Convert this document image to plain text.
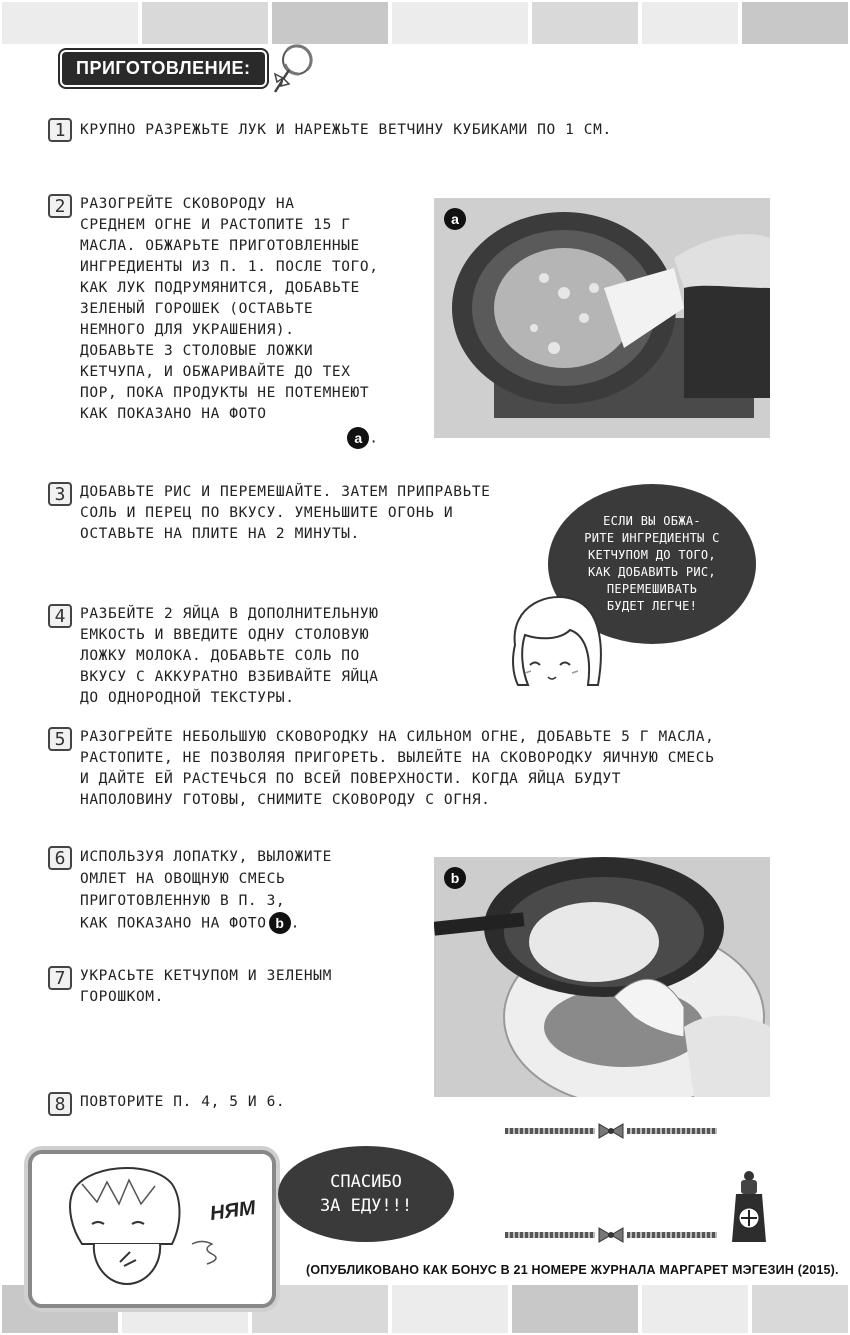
ПРИГОТОВЛЕНИЕ:
1	КРУПНО РАЗРЕЖЬТЕ ЛУК И НАРЕЖЬТЕ ВЕТЧИНУ КУБИКАМИ ПО 1 СМ.
2	РАЗОГРЕЙТЕ СКОВОРОДУ НА
СРЕДНЕМ ОГНЕ И РАСТОПИТЕ 15 Г
МАСЛА. ОБЖАРЬТЕ ПРИГОТОВЛЕННЫЕ
ИНГРЕДИЕНТЫ ИЗ П. 1. ПОСЛЕ ТОГО,
КАК ЛУК ПОДРУМЯНИТСЯ, ДОБАВЬТЕ
ЗЕЛЕНЫЙ ГОРОШЕК (ОСТАВЬТЕ
НЕМНОГО ДЛЯ УКРАШЕНИЯ).
ДОБАВЬТЕ 3 СТОЛОВЫЕ ЛОЖКИ
КЕТЧУПА, И ОБЖАРИВАЙТЕ ДО ТЕХ
ПОР, ПОКА ПРОДУКТЫ НЕ ПОТЕМНЕЮТ
КАК ПОКАЗАНО НА ФОТО
a .
a
3	ДОБАВЬТЕ РИС И ПЕРЕМЕШАЙТЕ. ЗАТЕМ ПРИПРАВЬТЕ
СОЛЬ И ПЕРЕЦ ПО ВКУСУ. УМЕНЬШИТЕ ОГОНЬ И
ОСТАВЬТЕ НА ПЛИТЕ НА 2 МИНУТЫ.
ЕСЛИ ВЫ ОБЖА-
РИТЕ ИНГРЕДИЕНТЫ С
КЕТЧУПОМ ДО ТОГО,
КАК ДОБАВИТЬ РИС,
ПЕРЕМЕШИВАТЬ
БУДЕТ ЛЕГЧЕ!
4	РАЗБЕЙТЕ 2 ЯЙЦА В ДОПОЛНИТЕЛЬНУЮ
ЕМКОСТЬ И ВВЕДИТЕ ОДНУ СТОЛОВУЮ
ЛОЖКУ МОЛОКА. ДОБАВЬТЕ СОЛЬ ПО
ВКУСУ С АККУРАТНО ВЗБИВАЙТЕ ЯЙЦА
ДО ОДНОРОДНОЙ ТЕКСТУРЫ.
5	РАЗОГРЕЙТЕ НЕБОЛЬШУЮ СКОВОРОДКУ НА СИЛЬНОМ ОГНЕ, ДОБАВЬТЕ 5 Г МАСЛА,
РАСТОПИТЕ, НЕ ПОЗВОЛЯЯ ПРИГОРЕТЬ. ВЫЛЕЙТЕ НА СКОВОРОДКУ ЯИЧНУЮ СМЕСЬ
И ДАЙТЕ ЕЙ РАСТЕЧЬСЯ ПО ВСЕЙ ПОВЕРХНОСТИ. КОГДА ЯЙЦА БУДУТ
НАПОЛОВИНУ ГОТОВЫ, СНИМИТЕ СКОВОРОДУ С ОГНЯ.
6	ИСПОЛЬЗУЯ ЛОПАТКУ, ВЫЛОЖИТЕ
ОМЛЕТ НА ОВОЩНУЮ СМЕСЬ
ПРИГОТОВЛЕННУЮ В П. 3,
КАК ПОКАЗАНО НА ФОТО b .
b
7	УКРАСЬТЕ КЕТЧУПОМ И ЗЕЛЕНЫМ
ГОРОШКОМ.
8	ПОВТОРИТЕ П. 4, 5 И 6.
НЯМ
СПАСИБО
ЗА ЕДУ!!!
(ОПУБЛИКОВАНО КАК БОНУС В 21 НОМЕРЕ ЖУРНАЛА МАРГАРЕТ МЭГЕЗИН (2015).
